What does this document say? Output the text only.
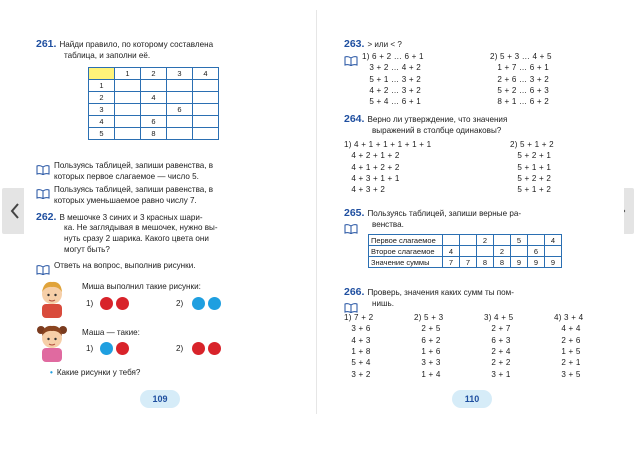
261. Найди правило, по которому составлена
таблица, и заполни её.
	1	2	3	4
1				
2		4		
3			6	
4		6		
5		8		
Пользуясь таблицей, запиши равенства, в
которых первое слагаемое — число 5.
Пользуясь таблицей, запиши равенства, в
которых уменьшаемое равно числу 7.
262. В мешочке 3 синих и 3 красных шари-
ка. Не заглядывая в мешочек, нужно вы-
нуть сразу 2 шарика. Какого цвета они
могут быть?
Ответь на вопрос, выполнив рисунки.
Миша выполнил такие рисунки:
1)	2)
Маша — такие:
1)	2)
• Какие рисунки у тебя?
109
263. > или < ?
1) 6 + 2 … 6 + 1
3 + 2 … 4 + 2
5 + 1 … 3 + 2
4 + 2 … 3 + 2
5 + 4 … 6 + 1
2) 5 + 3 … 4 + 5
1 + 7 … 6 + 1
2 + 6 … 3 + 2
5 + 2 … 6 + 3
8 + 1 … 6 + 2
264. Верно ли утверждение, что значения
выражений в столбце одинаковы?
1) 4 + 1 + 1 + 1 + 1 + 1
4 + 2 + 1 + 2
4 + 1 + 2 + 2
4 + 3 + 1 + 1
4 + 3 + 2
2) 5 + 1 + 2
5 + 2 + 1
5 + 1 + 1
5 + 2 + 2
5 + 1 + 2
265. Пользуясь таблицей, запиши верные ра-
венства.
Первое слагаемое			2		5		4
Второе слагаемое	4			2		6	
Значение суммы	7	7	8	8	9	9	9
266. Проверь, значения каких сумм ты пом-
нишь.
1) 7 + 2
3 + 6
4 + 3
1 + 8
5 + 4
3 + 2
2) 5 + 3
2 + 5
6 + 2
1 + 6
3 + 3
1 + 4
3) 4 + 5
2 + 7
6 + 3
2 + 4
2 + 2
3 + 1
4) 3 + 4
4 + 4
2 + 6
1 + 5
2 + 1
3 + 5
110
